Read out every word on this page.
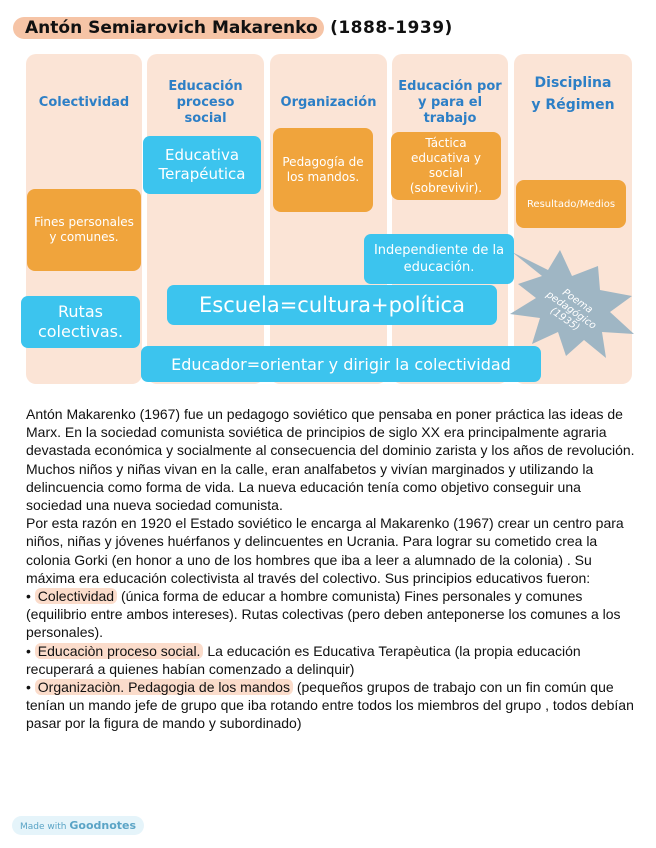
Antón Semiarovich Makarenko (1888-1939)
Colectividad
Educación proceso social
Organización
Educación por y para el trabajo
Disciplina y Régimen
Fines personales y comunes.
Pedagogía de los mandos.
Táctica educativa y social (sobrevivir).
Resultado/Medios
Poema pedagógico (1935)
Educativa Terapéutica
Independiente de la educación.
Rutas colectivas.
Escuela=cultura+política
Educador=orientar y dirigir la colectividad

Antón Makarenko (1967) fue un pedagogo soviético que pensaba en poner práctica las ideas de Marx. En la sociedad comunista soviética de principios de siglo XX era principalmente agraria devastada económica y socialmente al consecuencia del dominio zarista y los años de revolución. Muchos niños y niñas vivan en la calle, eran analfabetos y vivían marginados y utilizando la delincuencia como forma de vida. La nueva educación tenía como objetivo conseguir una sociedad una nueva sociedad comunista.

Por esta razón en 1920 el Estado soviético le encarga al Makarenko (1967) crear un centro para niños, niñas y jóvenes huérfanos y delincuentes en Ucrania. Para lograr su cometido crea la colonia Gorki (en honor a uno de los hombres que iba a leer a alumnado de la colonia) . Su máxima era educación colectivista al través del colectivo. Sus principios educativos fueron:

• Colectividad (única forma de educar a hombre comunista) Fines personales y comunes (equilibrio entre ambos intereses). Rutas colectivas (pero deben anteponerse los comunes a los personales).

• Educaciòn proceso social. La educación es Educativa Terapèutica (la propia educación recuperará a quienes habían comenzado a delinquir)

• Organizaciòn. Pedagogia de los mandos (pequeños grupos de trabajo con un fin común que tenían un mando jefe de grupo que iba rotando entre todos los miembros del grupo , todos debían pasar por la figura de mando y subordinado)

Made with Goodnotes
